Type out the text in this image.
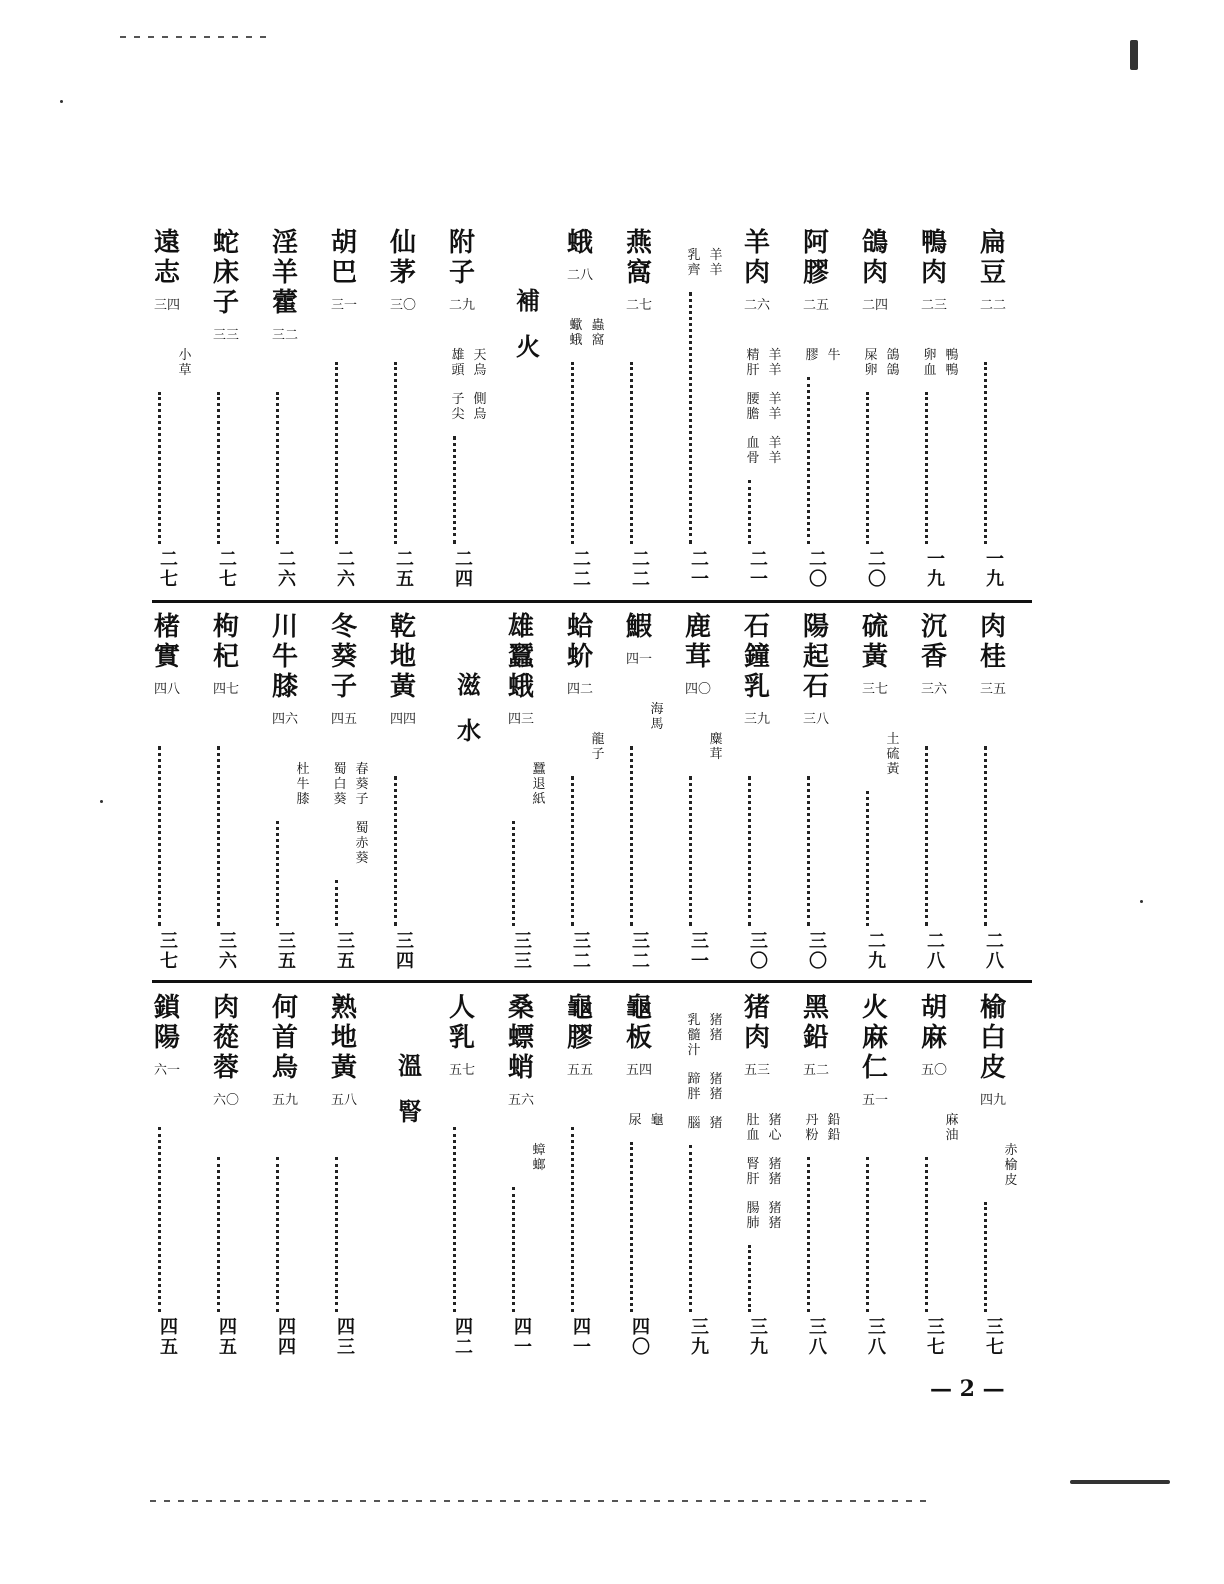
扁豆
二二
一九
鴨肉
二三
鴨鴨
卵血
一九
鴿肉
二四
鴿鴿
屎卵
二〇
阿膠
二五
牛
膠
二〇
羊肉
二六
羊羊
精肝
羊羊
腰膽
羊羊
血骨
二一
羊羊
乳齊
二一
燕窩
二七
二二
蛾
二八
蟲窩
蠍蛾
二二
補火
附子
二九
天烏
雄頭
側烏
子尖
二四
仙茅
三〇
二五
胡巴
三一
二六
淫羊藿
三二
二六
蛇床子
三三
二七
遠志
三四
小草
二七
肉桂
三五
二八
沉香
三六
二八
硫黃
三七
土硫黃
二九
陽起石
三八
三〇
石鐘乳
三九
三〇
鹿茸
四〇
麋茸
三一
鰕
四一
海馬
三二
蛤蚧
四二
龍子
三二
雄蠶蛾
四三
蠶退紙
三三
滋水
乾地黃
四四
三四
冬葵子
四五
春葵子
蜀白葵
蜀赤葵
三五
川牛膝
四六
杜牛膝
三五
枸杞
四七
三六
楮實
四八
三七
榆白皮
四九
赤榆皮
三七
胡麻
五〇
麻油
三七
火麻仁
五一
三八
黑鉛
五二
鉛鉛
丹粉
三八
猪肉
五三
猪心
肚血
猪猪
腎肝
猪猪
腸肺
三九
猪猪
乳髓汁
猪猪
蹄胖
猪
腦
三九
龜板
五四
龜
尿
四〇
龜膠
五五
四一
桑螵蛸
五六
蟑螂
四一
人乳
五七
四二
溫腎
熟地黃
五八
四三
何首烏
五九
四四
肉蓯蓉
六〇
四五
鎖陽
六一
四五
— 2 —
